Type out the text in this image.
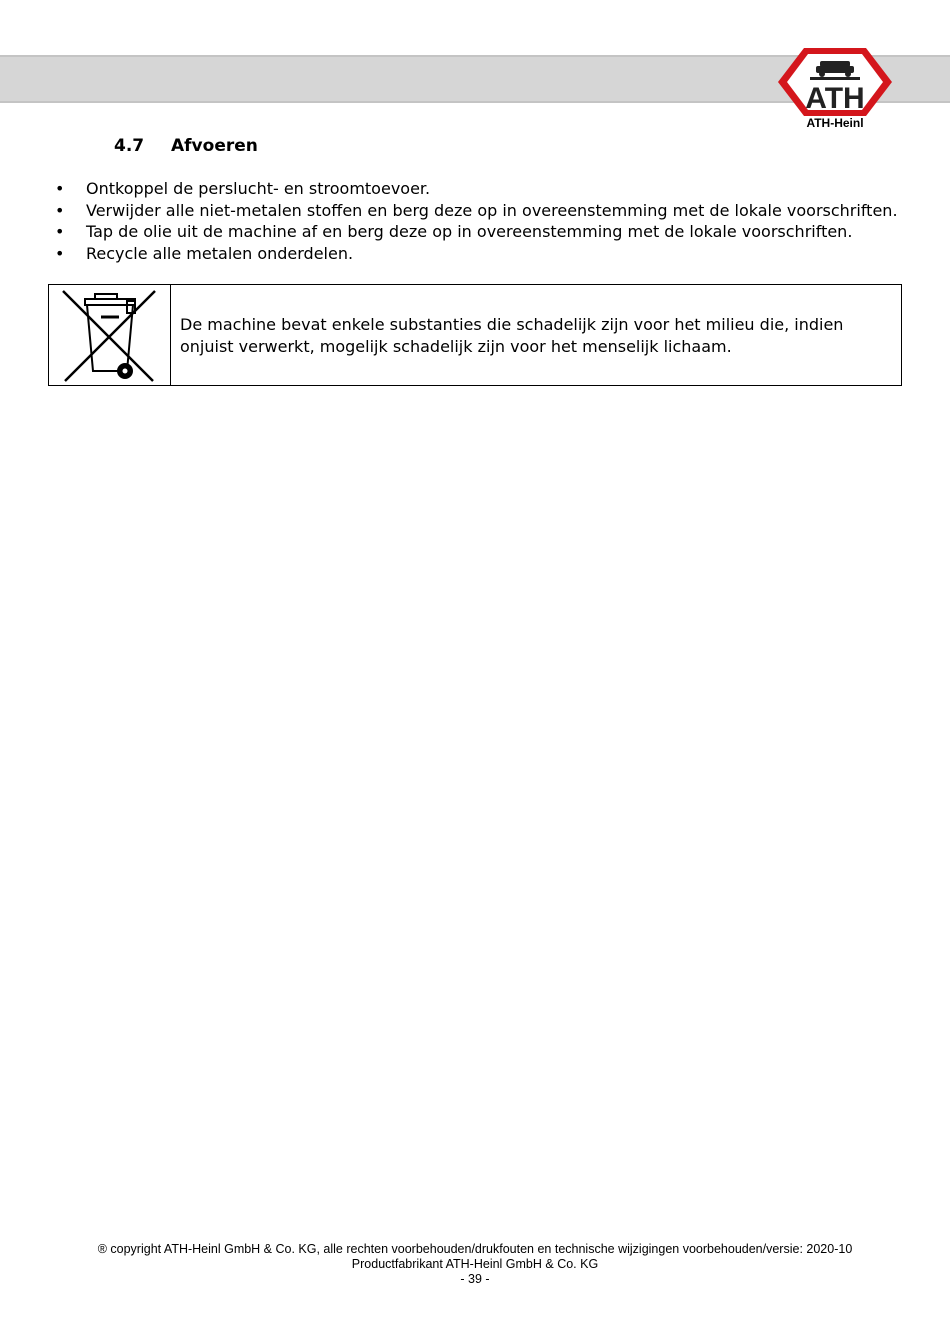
ATH
ATH-Heinl
4.7 Afvoeren
• Ontkoppel de perslucht- en stroomtoevoer.
• Verwijder alle niet-metalen stoffen en berg deze op in overeenstemming met de lokale voorschriften.
• Tap de olie uit de machine af en berg deze op in overeenstemming met de lokale voorschriften.
• Recycle alle metalen onderdelen.
De machine bevat enkele substanties die schadelijk zijn voor het milieu die, indien onjuist verwerkt, mogelijk schadelijk zijn voor het menselijk lichaam.
® copyright ATH-Heinl GmbH & Co. KG, alle rechten voorbehouden/drukfouten en technische wijzigingen voorbehouden/versie: 2020-10
Productfabrikant ATH-Heinl GmbH & Co. KG
- 39 -
